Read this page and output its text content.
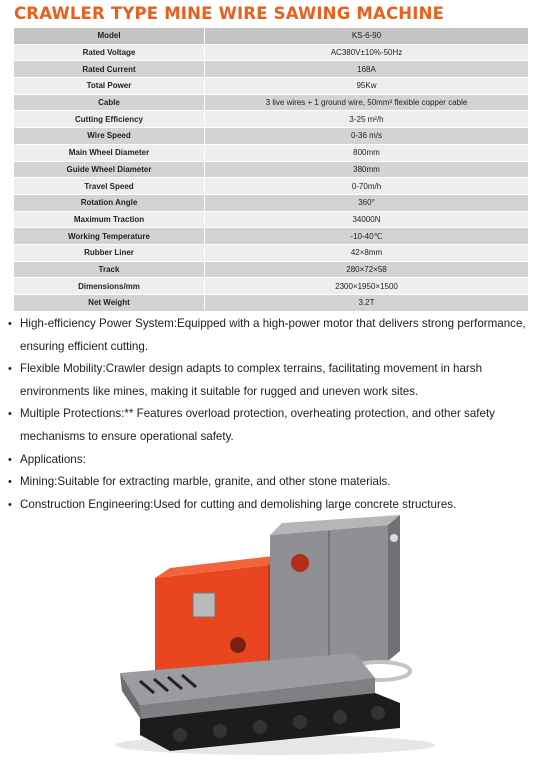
CRAWLER TYPE MINE WIRE SAWING MACHINE
Model	KS-6-90
Rated Voltage	AC380V±10%-50Hz
Rated Current	168A
Total Power	95Kw
Cable	3 live wires + 1 ground wire, 50mm² flexible copper cable
Cutting Efficiency	3-25 m²/h
Wire Speed	0-36 m/s
Main Wheel Diameter	800mm
Guide Wheel Diameter	380mm
Travel Speed	0-70m/h
Rotation Angle	360°
Maximum Traction	34000N
Working Temperature	-10-40℃
Rubber Liner	42×8mm
Track	280×72×58
Dimensions/mm	2300×1950×1500
Net Weight	3.2T

• High-efficiency Power System:Equipped with a high-power motor that delivers strong performance, ensuring efficient cutting.

• Flexible Mobility:Crawler design adapts to complex terrains, facilitating movement in harsh environments like mines, making it suitable for rugged and uneven work sites.

• Multiple Protections:** Features overload protection, overheating protection, and other safety mechanisms to ensure operational safety.

• Applications:

• Mining:Suitable for extracting marble, granite, and other stone materials.

• Construction Engineering:Used for cutting and demolishing large concrete structures.
